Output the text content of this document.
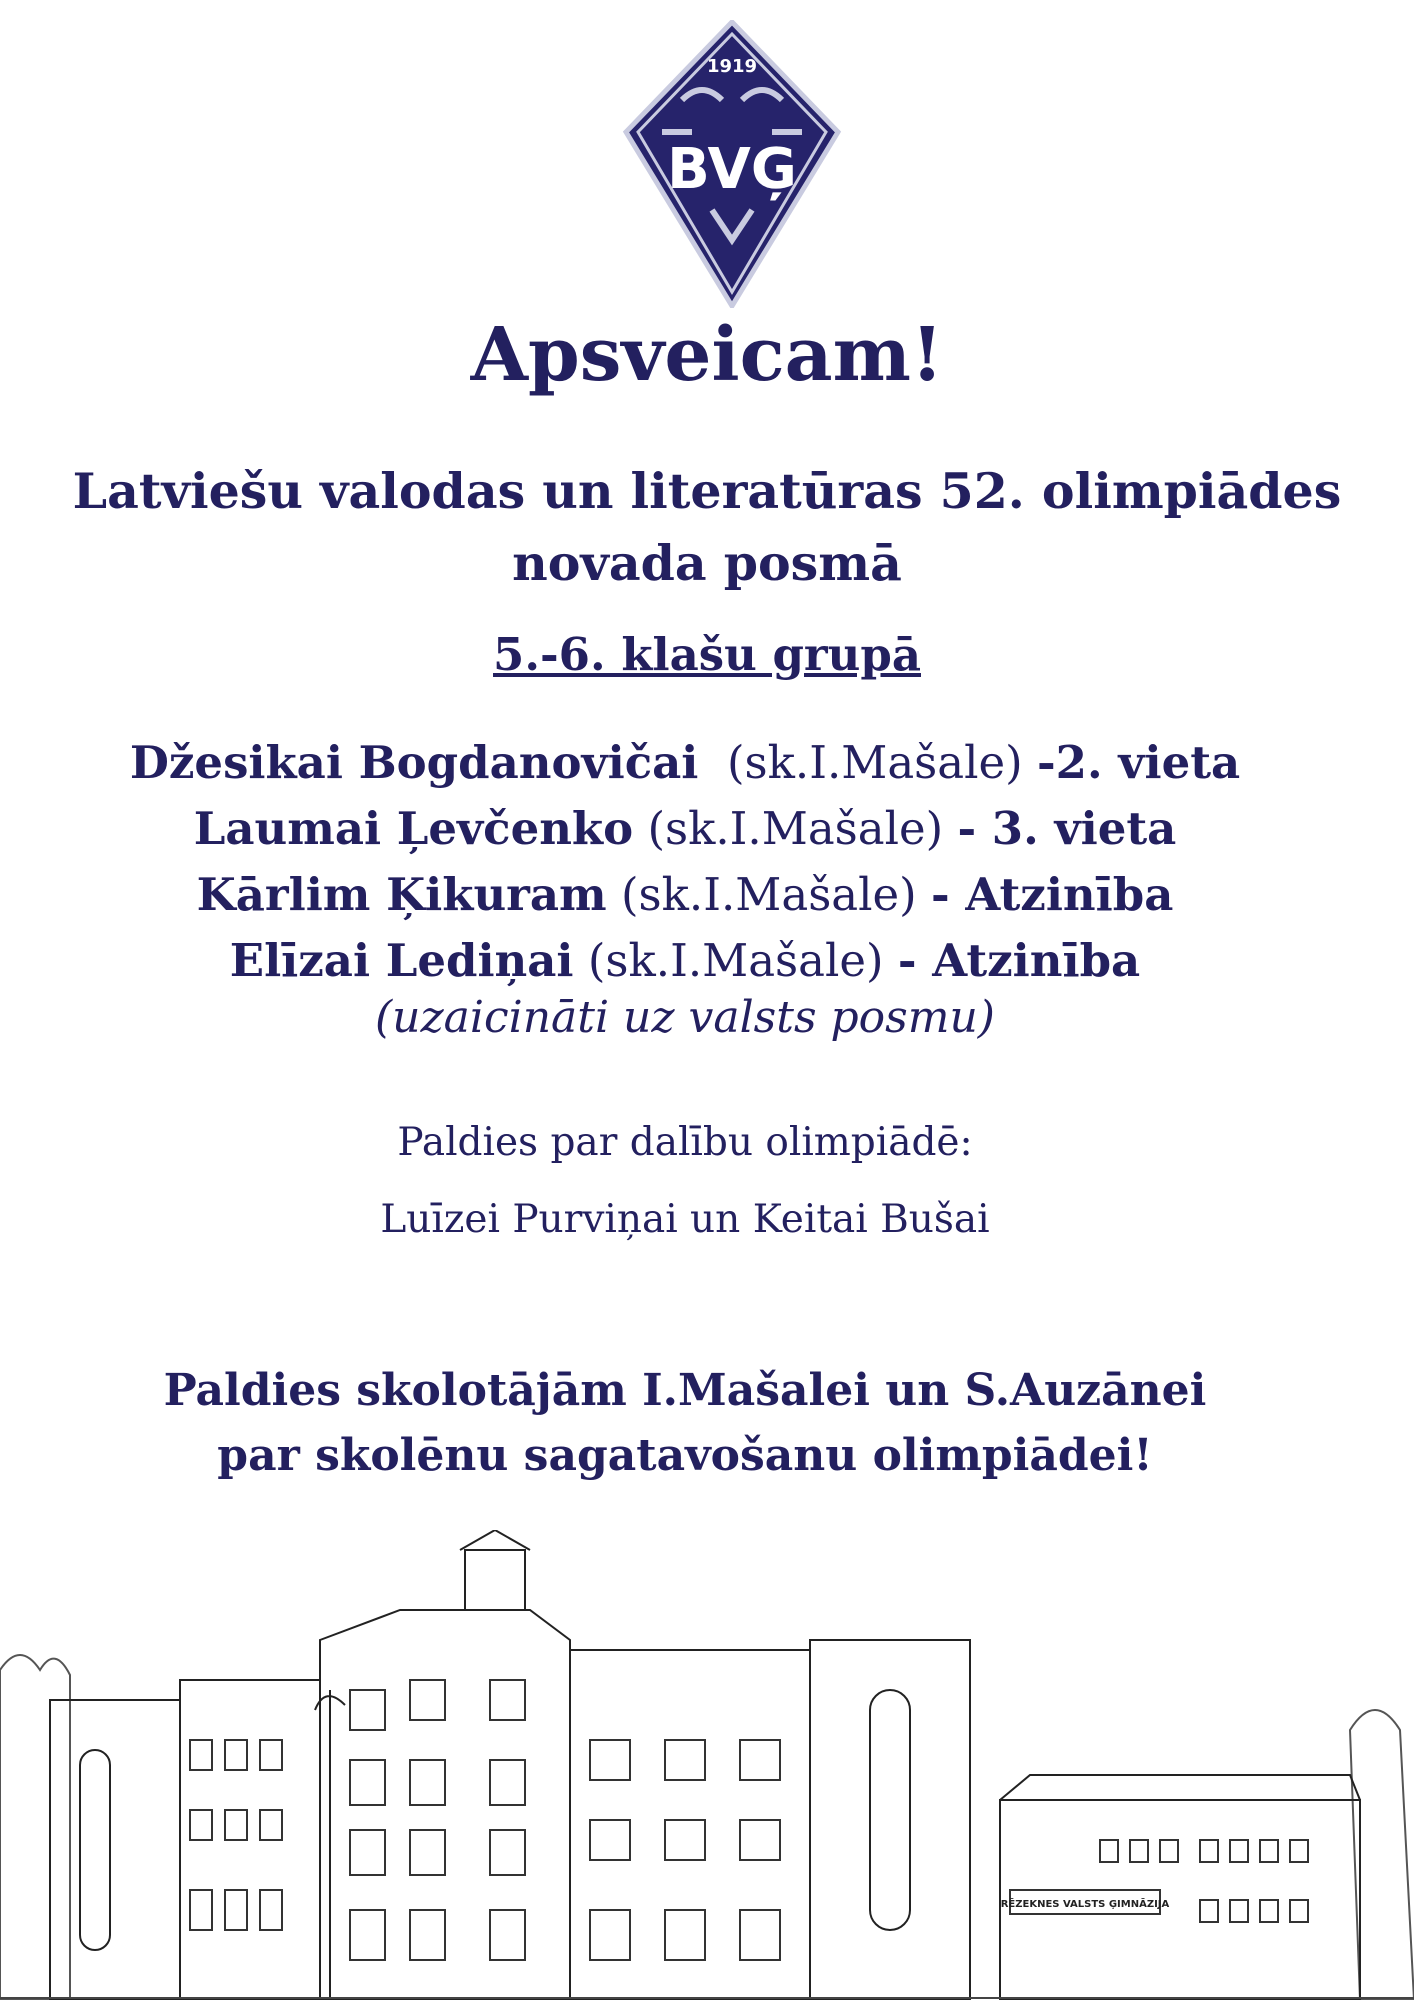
1919
BVĢ
Apsveicam!
Latviešu valodas un literatūras 52. olimpiādes
novada posmā
5.-6. klašu grupā
Džesikai Bogdanovičai (sk.I.Mašale) -2. vieta
Laumai Ļevčenko (sk.I.Mašale) - 3. vieta
Kārlim Ķikuram (sk.I.Mašale) - Atzinība
Elīzai Lediņai (sk.I.Mašale) - Atzinība
(uzaicināti uz valsts posmu)
Paldies par dalību olimpiādē:
Luīzei Purviņai un Keitai Bušai
Paldies skolotājām I.Mašalei un S.Auzānei
par skolēnu sagatavošanu olimpiādei!
RĒZEKNES VALSTS ĢIMNĀZIJA
